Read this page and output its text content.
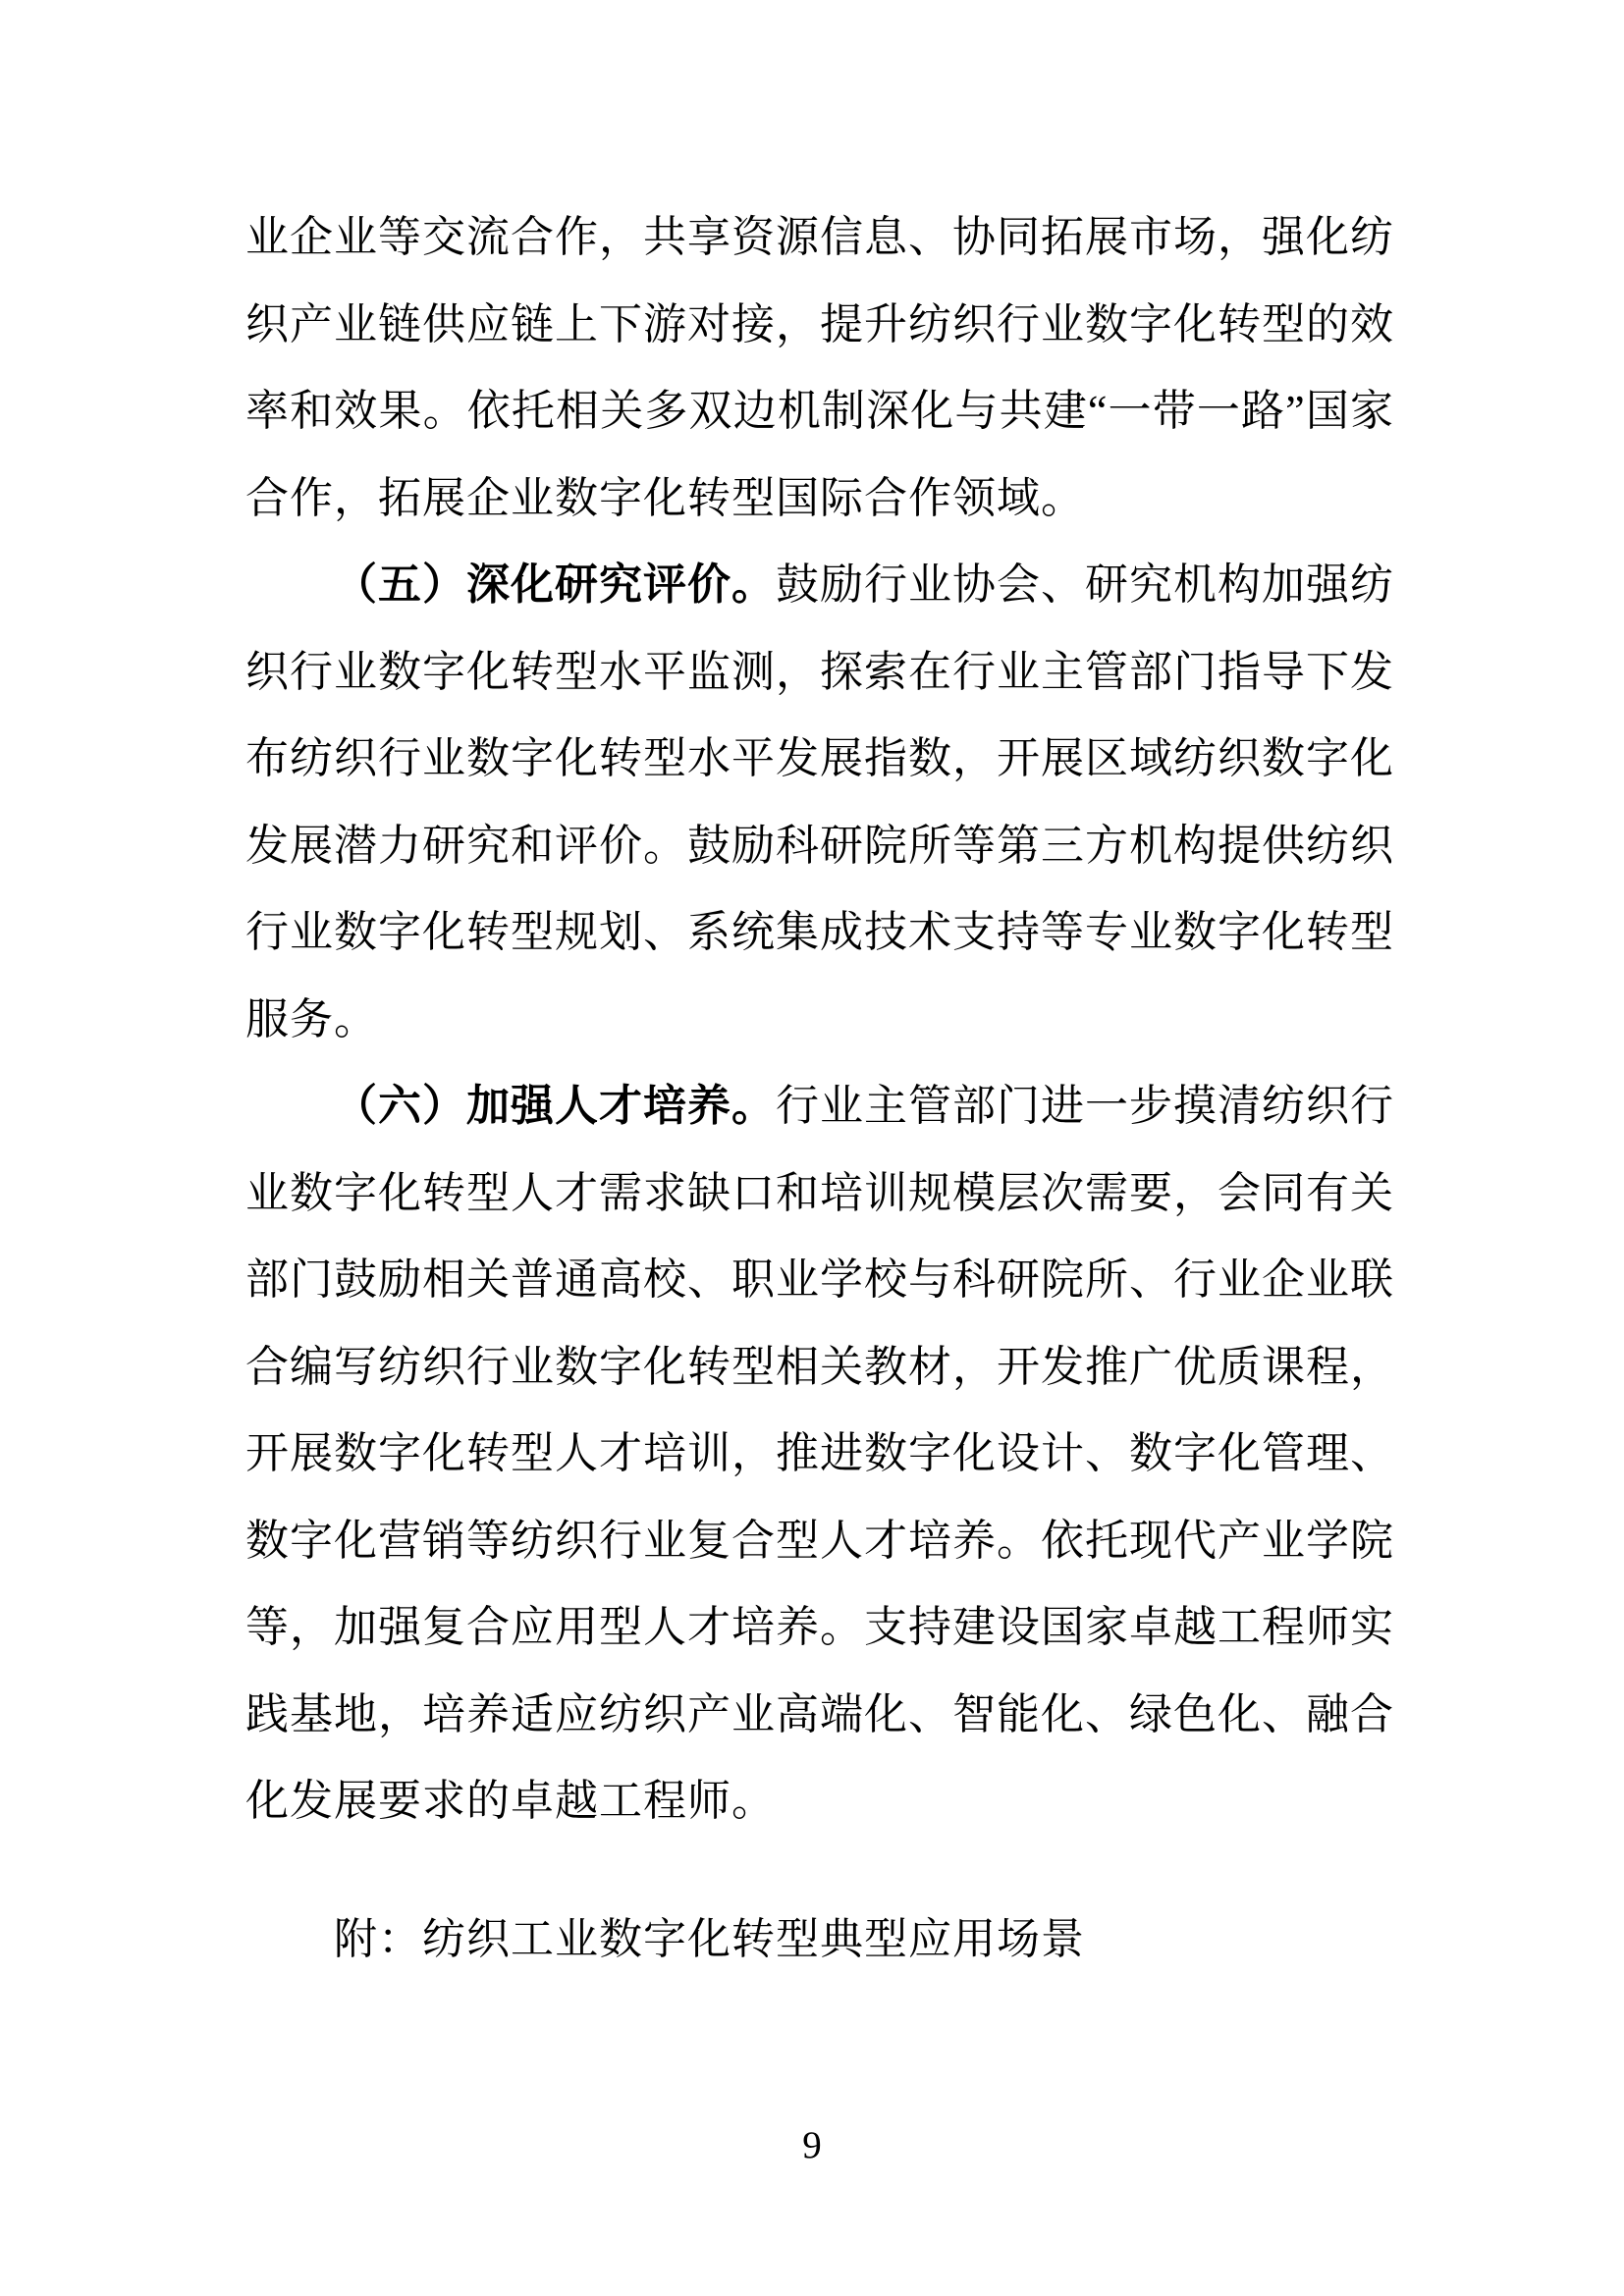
业企业等交流合作，共享资源信息、协同拓展市场，强化纺织产业链供应链上下游对接，提升纺织行业数字化转型的效率和效果。依托相关多双边机制深化与共建“一带一路”国家合作，拓展企业数字化转型国际合作领域。

（五）深化研究评价。鼓励行业协会、研究机构加强纺织行业数字化转型水平监测，探索在行业主管部门指导下发布纺织行业数字化转型水平发展指数，开展区域纺织数字化发展潜力研究和评价。鼓励科研院所等第三方机构提供纺织行业数字化转型规划、系统集成技术支持等专业数字化转型服务。

（六）加强人才培养。行业主管部门进一步摸清纺织行业数字化转型人才需求缺口和培训规模层次需要，会同有关部门鼓励相关普通高校、职业学校与科研院所、行业企业联合编写纺织行业数字化转型相关教材，开发推广优质课程，开展数字化转型人才培训，推进数字化设计、数字化管理、数字化营销等纺织行业复合型人才培养。依托现代产业学院等，加强复合应用型人才培养。支持建设国家卓越工程师实践基地，培养适应纺织产业高端化、智能化、绿色化、融合化发展要求的卓越工程师。

附：纺织工业数字化转型典型应用场景

9
